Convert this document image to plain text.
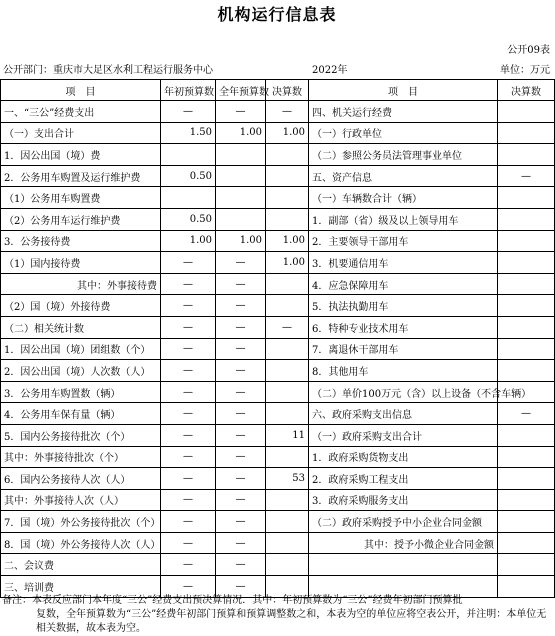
机构运行信息表
公开09表
公开部门：重庆市大足区水利工程运行服务中心	2022年	单位：万元
项　目	年初预算数	全年预算数	决算数	项　目	决算数
一、“三公”经费支出	—	—	—	四、机关运行经费	
（一）支出合计	1.50	1.00	1.00	（一）行政单位	
1．因公出国（境）费				（二）参照公务员法管理事业单位	
2．公务用车购置及运行维护费	0.50			五、资产信息	—
（1）公务用车购置费				（一）车辆数合计（辆）	
（2）公务用车运行维护费	0.50			1．副部（省）级及以上领导用车	
3．公务接待费	1.00	1.00	1.00	2．主要领导干部用车	
（1）国内接待费	—	—	1.00	3．机要通信用车	
其中：外事接待费	—	—		4．应急保障用车	
（2）国（境）外接待费	—	—		5．执法执勤用车	
（二）相关统计数	—	—	—	6．特种专业技术用车	
1．因公出国（境）团组数（个）	—	—		7．离退休干部用车	
2．因公出国（境）人次数（人）	—	—		8．其他用车	
3．公务用车购置数（辆）	—	—		（二）单价100万元（含）以上设备（不含车辆）	
4．公务用车保有量（辆）	—	—		六、政府采购支出信息	—
5．国内公务接待批次（个）	—	—	11	（一）政府采购支出合计	
其中：外事接待批次（个）	—	—		1．政府采购货物支出	
6．国内公务接待人次（人）	—	—	53	2．政府采购工程支出	
其中：外事接待人次（人）	—	—		3．政府采购服务支出	
7．国（境）外公务接待批次（个）	—	—		（二）政府采购授予中小企业合同金额	
8．国（境）外公务接待人次（人）	—	—		其中：授予小微企业合同金额	
二、会议费	—	—			
三、培训费	—	—			
备注：本表反应部门本年度“三公”经费支出预决算情况．其中：年初预算数为“三公”经费年初部门预算批
复数，全年预算数为“三公”经费年初部门预算和预算调整数之和，本表为空的单位应将空表公开，并注明：本单位无相关数据，故本表为空。
